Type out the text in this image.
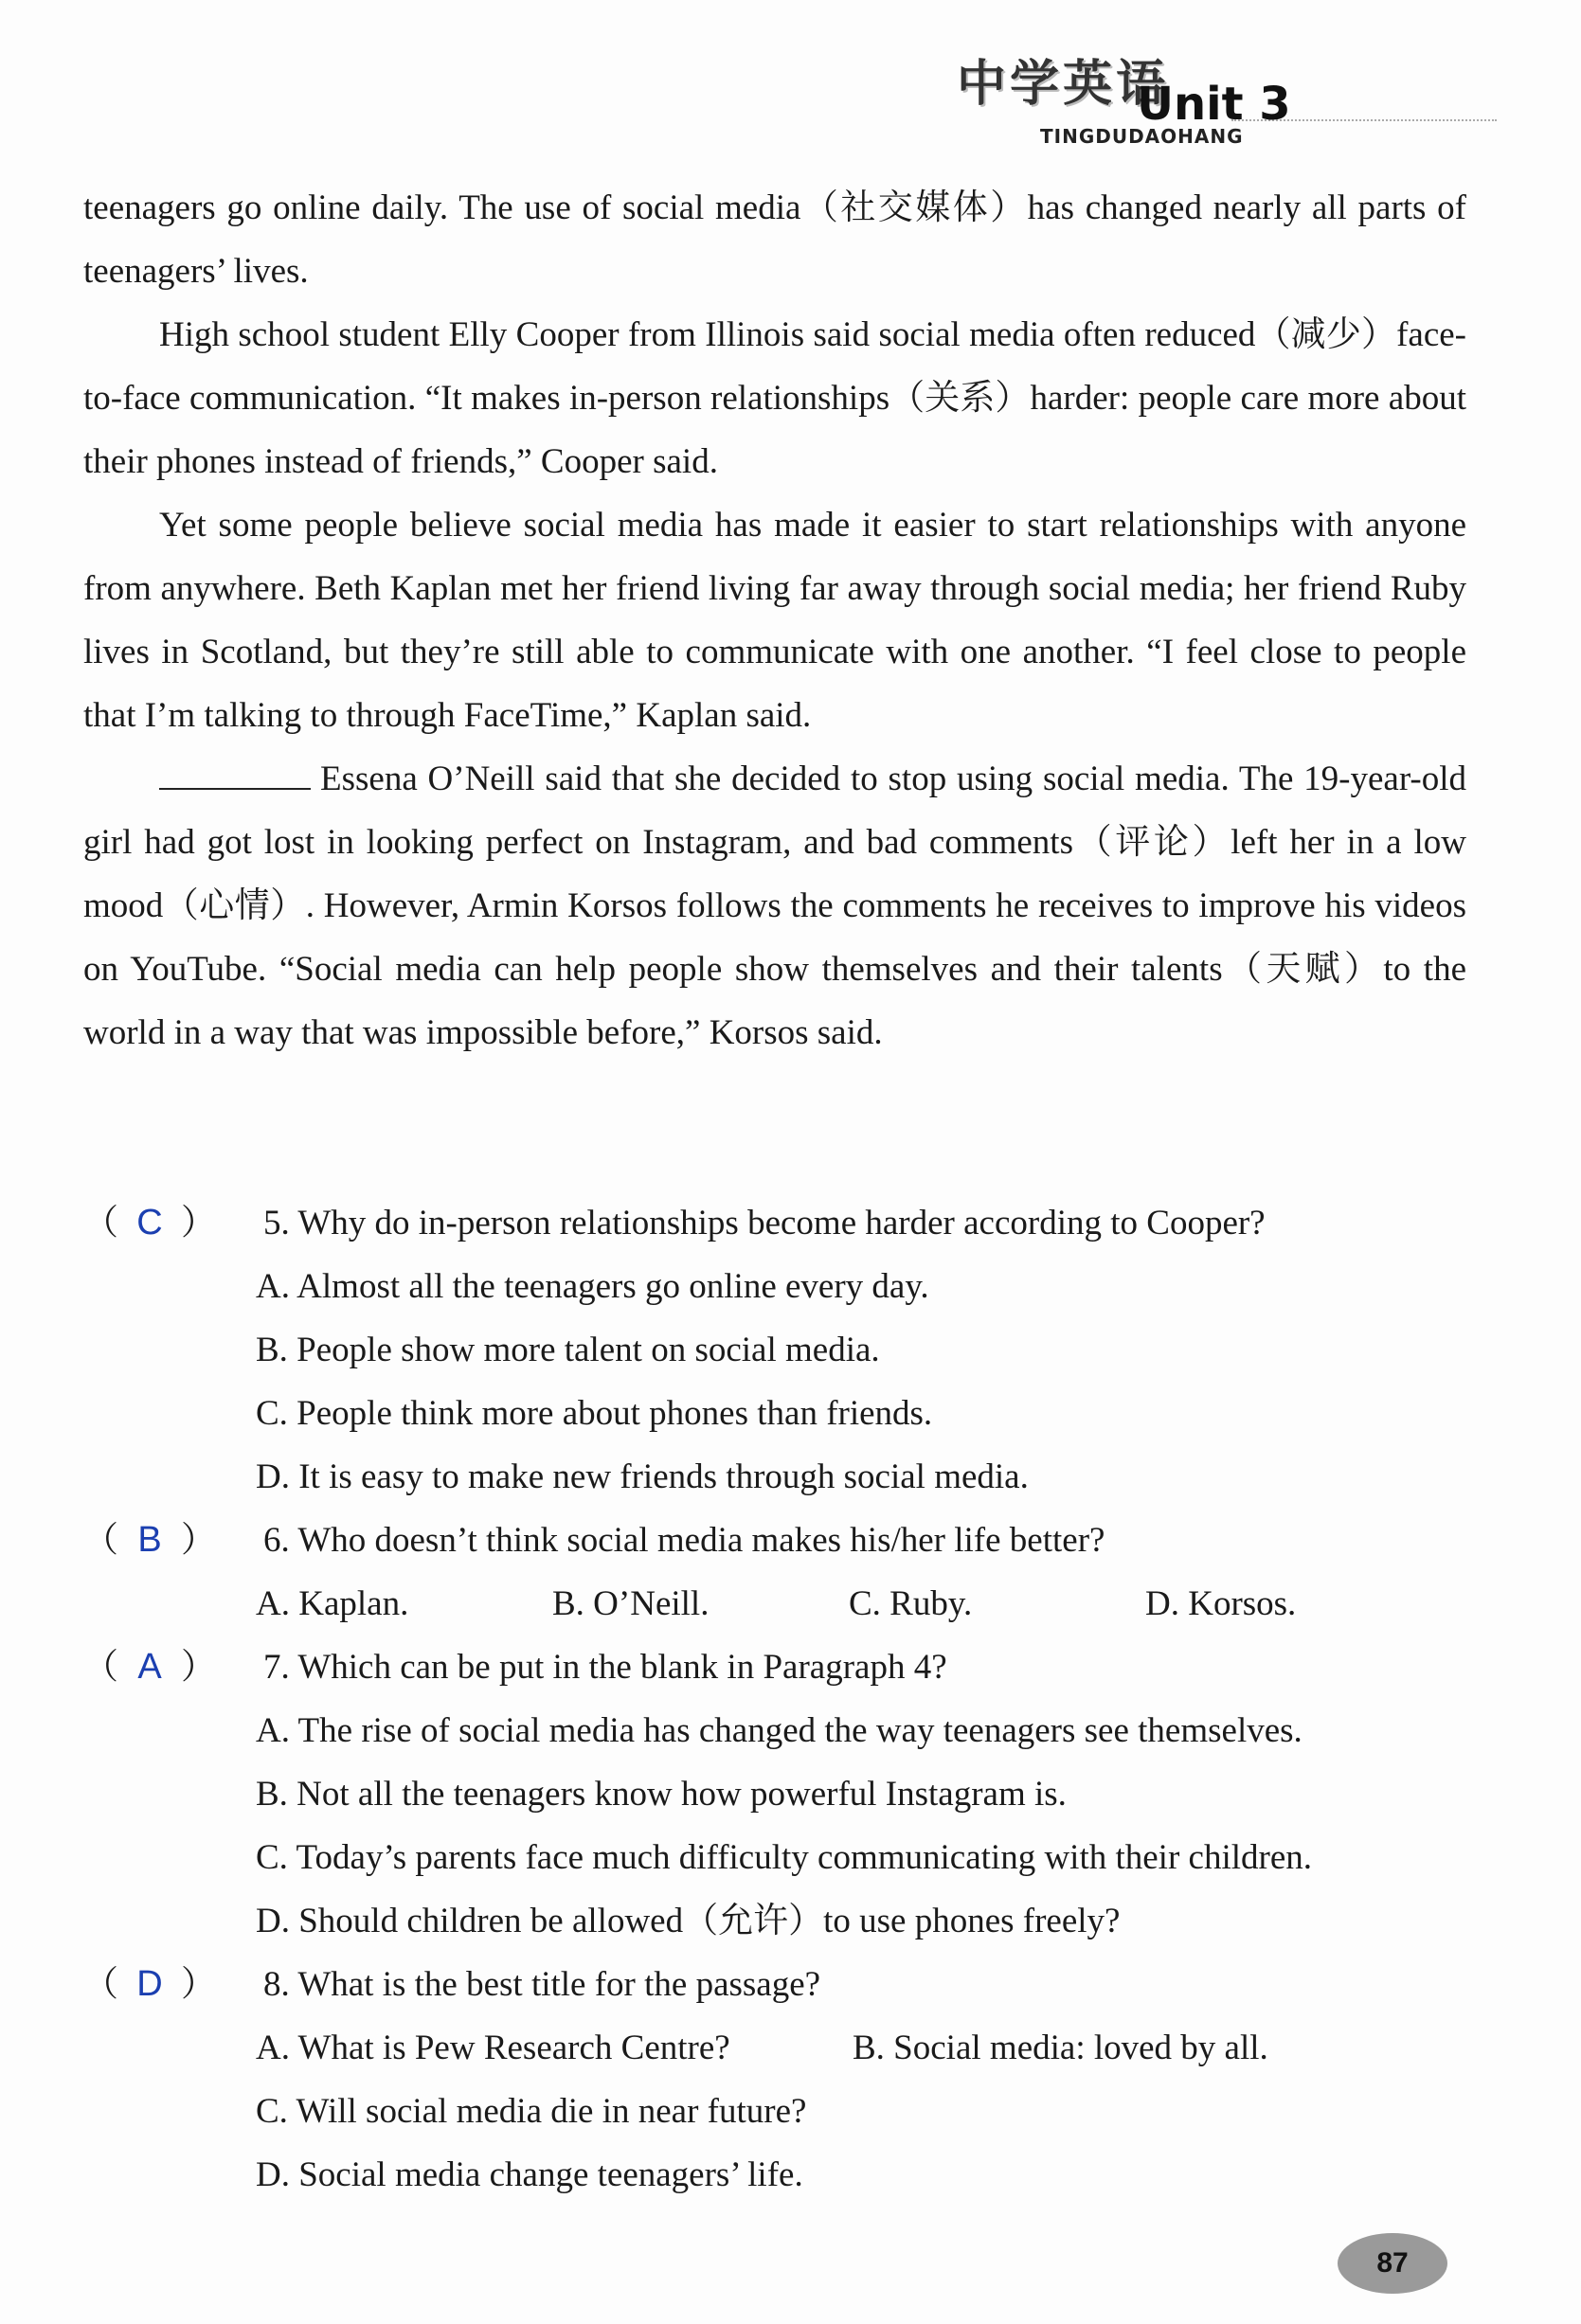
中学英语
Unit 3
TINGDUDAOHANG

teenagers go online daily. The use of social media（社交媒体）has changed nearly all parts of teenagers’ lives.

High school student Elly Cooper from Illinois said social media often reduced（减少）face-to-face communication. “It makes in-person relationships（关系）harder: people care more about their phones instead of friends,” Cooper said.

Yet some people believe social media has made it easier to start relationships with anyone from anywhere. Beth Kaplan met her friend living far away through social media; her friend Ruby lives in Scotland, but they’re still able to communicate with one another. “I feel close to people that I’m talking to through FaceTime,” Kaplan said.

Essena O’Neill said that she decided to stop using social media. The 19-year-old girl had got lost in looking perfect on Instagram, and bad comments（评论）left her in a low mood（心情）. However, Armin Korsos follows the comments he receives to improve his videos on YouTube. “Social media can help people show themselves and their talents（天赋）to the world in a way that was impossible before,” Korsos said.

（ C ）	5. Why do in-person relationships become harder according to Cooper?
A. Almost all the teenagers go online every day.
B. People show more talent on social media.
C. People think more about phones than friends.
D. It is easy to make new friends through social media.
（ B ）	6. Who doesn’t think social media makes his/her life better?
A. Kaplan.	B. O’Neill.	C. Ruby.	D. Korsos.
（ A ）	7. Which can be put in the blank in Paragraph 4?
A. The rise of social media has changed the way teenagers see themselves.
B. Not all the teenagers know how powerful Instagram is.
C. Today’s parents face much difficulty communicating with their children.
D. Should children be allowed（允许）to use phones freely?
（ D ）	8. What is the best title for the passage?
A. What is Pew Research Centre?	B. Social media: loved by all.
C. Will social media die in near future?
D. Social media change teenagers’ life.
87
